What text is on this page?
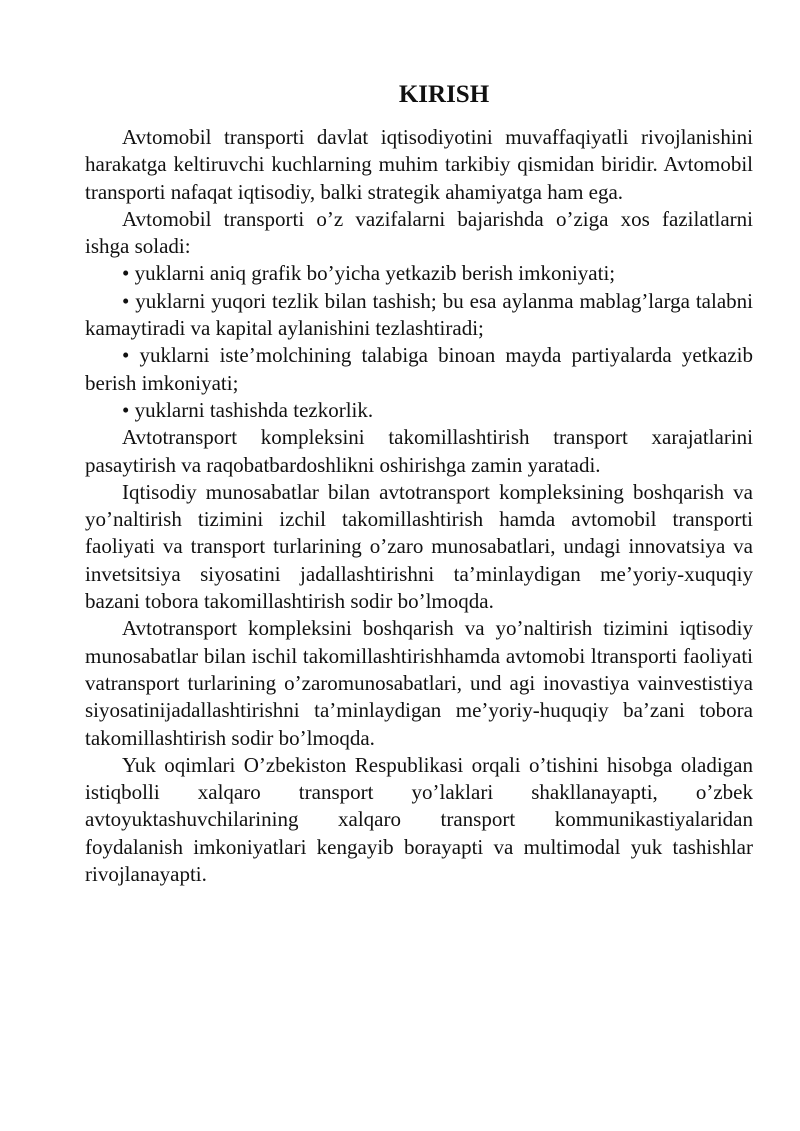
KIRISH

Avtomobil transporti davlat iqtisodiyotini muvaffaqiyatli rivojlanishini harakatga keltiruvchi kuchlarning muhim tarkibiy qismidan biridir. Avtomobil transporti nafaqat iqtisodiy, balki strategik ahamiyatga ham ega.

Avtomobil transporti o’z vazifalarni bajarishda o’ziga xos fazilatlarni ishga soladi:

• yuklarni aniq grafik bo’yicha yetkazib berish imkoniyati;

• yuklarni yuqori tezlik bilan tashish; bu esa aylanma mablag’larga talabni kamaytiradi va kapital aylanishini tezlashtiradi;

• yuklarni iste’molchining talabiga binoan mayda partiyalarda yetkazib berish imkoniyati;

• yuklarni tashishda tezkorlik.

Avtotransport kompleksini takomillashtirish transport xarajatlarini pasaytirish va raqobatbardoshlikni oshirishga zamin yaratadi.

Iqtisodiy munosabatlar bilan avtotransport kompleksining boshqarish va yo’naltirish tizimini izchil takomillashtirish hamda avtomobil transporti faoliyati va transport turlarining o’zaro munosabatlari, undagi innovatsiya va invetsitsiya siyosatini jadallashtirishni ta’minlaydigan me’yoriy-xuquqiy bazani tobora takomillashtirish sodir bo’lmoqda.

Avtotransport kompleksini boshqarish va yo’naltirish tizimini iqtisodiy munosabatlar bilan ischil takomillashtirishhamda avtomobi ltransporti faoliyati vatransport turlarining o’zaromunosabatlari, und agi inovastiya vainvestistiya siyosatinijadallashtirishni ta’minlaydigan me’yoriy-huquqiy ba’zani tobora takomillashtirish sodir bo’lmoqda.

Yuk oqimlari O’zbekiston Respublikasi orqali o’tishini hisobga oladigan istiqbolli xalqaro transport yo’laklari shakllanayapti, o’zbek avtoyuktashuvchilarining xalqaro transport kommunikastiyalaridan foydalanish imkoniyatlari kengayib borayapti va multimodal yuk tashishlar rivojlanayapti.
